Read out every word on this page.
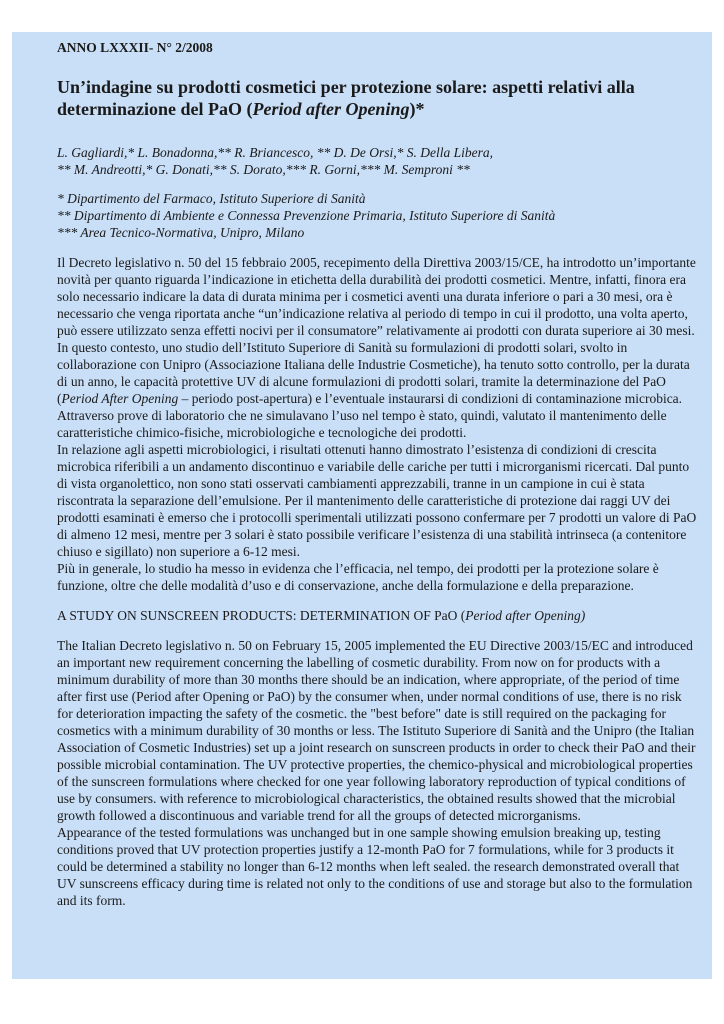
ANNO LXXXII- N° 2/2008

Un’indagine su prodotti cosmetici per protezione solare: aspetti relativi alla
determinazione del PaO (Period after Opening)*
L. Gagliardi,* L. Bonadonna,** R. Briancesco, ** D. De Orsi,* S. Della Libera,
** M. Andreotti,* G. Donati,** S. Dorato,*** R. Gorni,*** M. Semproni **
* Dipartimento del Farmaco, Istituto Superiore di Sanità
** Dipartimento di Ambiente e Connessa Prevenzione Primaria, Istituto Superiore di Sanità
*** Area Tecnico-Normativa, Unipro, Milano

Il Decreto legislativo n. 50 del 15 febbraio 2005, recepimento della Direttiva 2003/15/CE, ha introdotto un’importante novità per quanto riguarda l’indicazione in etichetta della durabilità dei prodotti cosmetici. Mentre, infatti, finora era solo necessario indicare la data di durata minima per i cosmetici aventi una durata inferiore o pari a 30 mesi, ora è necessario che venga riportata anche “un’indicazione relativa al periodo di tempo in cui il prodotto, una volta aperto, può essere utilizzato senza effetti nocivi per il consumatore” relativamente ai prodotti con durata superiore ai 30 mesi. In questo contesto, uno studio dell’Istituto Superiore di Sanità su formulazioni di prodotti solari, svolto in collaborazione con Unipro (Associazione Italiana delle Industrie Cosmetiche), ha tenuto sotto controllo, per la durata di un anno, le capacità protettive UV di alcune formulazioni di prodotti solari, tramite la determinazione del PaO (Period After Opening – periodo post-apertura) e l’eventuale instaurarsi di condizioni di contaminazione microbica. Attraverso prove di laboratorio che ne simulavano l’uso nel tempo è stato, quindi, valutato il mantenimento delle caratteristiche chimico-fisiche, microbiologiche e tecnologiche dei prodotti.

In relazione agli aspetti microbiologici, i risultati ottenuti hanno dimostrato l’esistenza di condizioni di crescita microbica riferibili a un andamento discontinuo e variabile delle cariche per tutti i microrganismi ricercati. Dal punto di vista organolettico, non sono stati osservati cambiamenti apprezzabili, tranne in un campione in cui è stata riscontrata la separazione dell’emulsione. Per il mantenimento delle caratteristiche di protezione dai raggi UV dei prodotti esaminati è emerso che i protocolli sperimentali utilizzati possono confermare per 7 prodotti un valore di PaO di almeno 12 mesi, mentre per 3 solari è stato possibile verificare l’esistenza di una stabilità intrinseca (a contenitore chiuso e sigillato) non superiore a 6-12 mesi.

Più in generale, lo studio ha messo in evidenza che l’efficacia, nel tempo, dei prodotti per la protezione solare è funzione, oltre che delle modalità d’uso e di conservazione, anche della formulazione e della preparazione.

A STUDY ON SUNSCREEN PRODUCTS: DETERMINATION OF PaO (Period after Opening)

The Italian Decreto legislativo n. 50 on February 15, 2005 implemented the EU Directive 2003/15/EC and introduced an important new requirement concerning the labelling of cosmetic durability. From now on for products with a minimum durability of more than 30 months there should be an indication, where appropriate, of the period of time after first use (Period after Opening or PaO) by the consumer when, under normal conditions of use, there is no risk for deterioration impacting the safety of the cosmetic. the "best before" date is still required on the packaging for cosmetics with a minimum durability of 30 months or less. The Istituto Superiore di Sanità and the Unipro (the Italian Association of Cosmetic Industries) set up a joint research on sunscreen products in order to check their PaO and their possible microbial contamination. The UV protective properties, the chemico-physical and microbiological properties of the sunscreen formulations where checked for one year following laboratory reproduction of typical conditions of use by consumers. with reference to microbiological characteristics, the obtained results showed that the microbial growth followed a discontinuous and variable trend for all the groups of detected microrganisms.

Appearance of the tested formulations was unchanged but in one sample showing emulsion breaking up, testing conditions proved that UV protection properties justify a 12-month PaO for 7 formulations, while for 3 products it could be determined a stability no longer than 6-12 months when left sealed. the research demonstrated overall that UV sunscreens efficacy during time is related not only to the conditions of use and storage but also to the formulation and its form.
